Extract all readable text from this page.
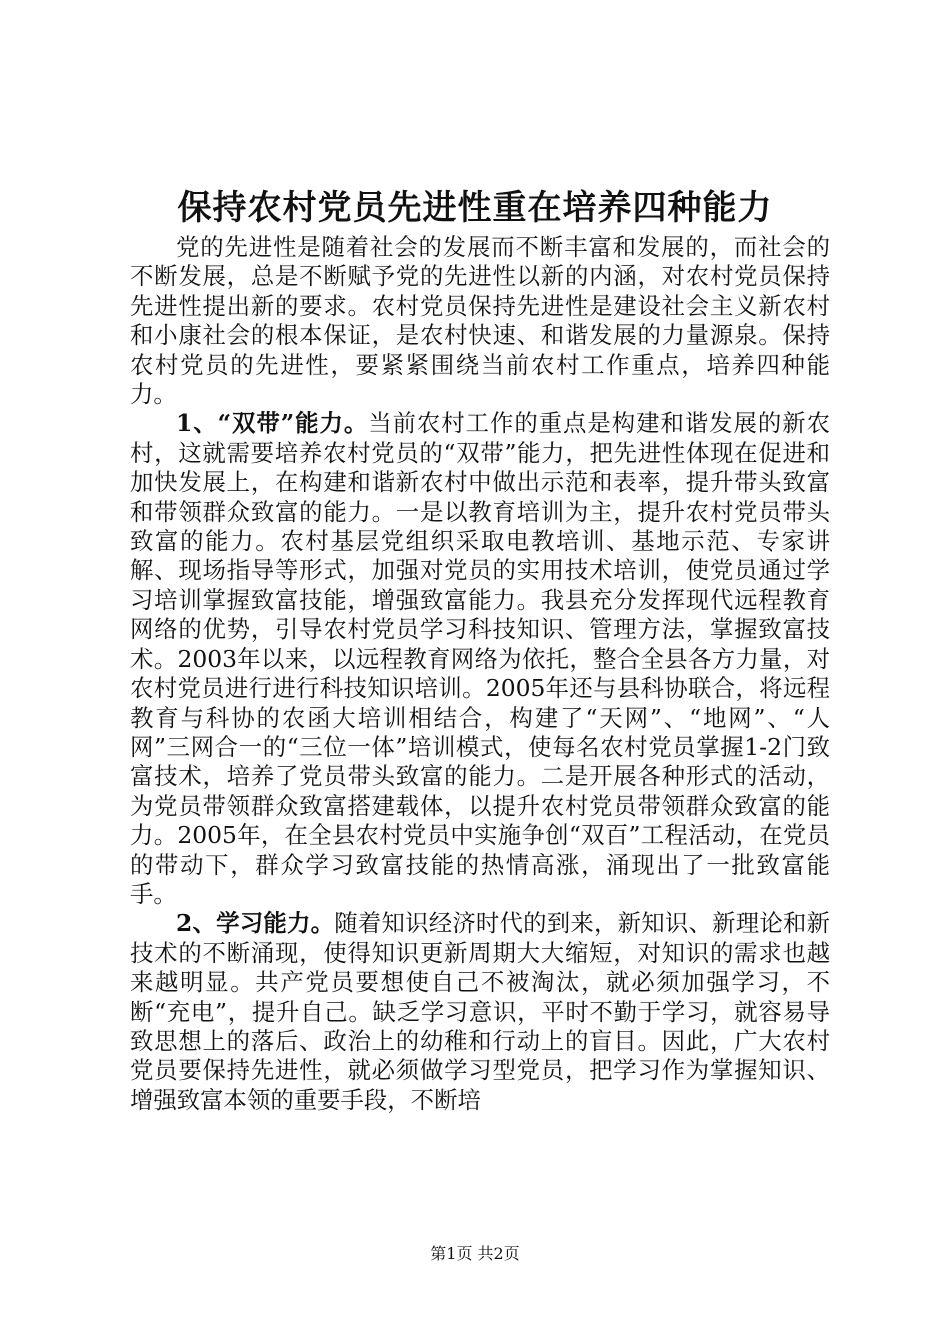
保持农村党员先进性重在培养四种能力

党的先进性是随着社会的发展而不断丰富和发展的，而社会的不断发展，总是不断赋予党的先进性以新的内涵，对农村党员保持先进性提出新的要求。农村党员保持先进性是建设社会主义新农村和小康社会的根本保证，是农村快速、和谐发展的力量源泉。保持农村党员的先进性，要紧紧围绕当前农村工作重点，培养四种能力。

1、“双带”能力。当前农村工作的重点是构建和谐发展的新农村，这就需要培养农村党员的“双带”能力，把先进性体现在促进和加快发展上，在构建和谐新农村中做出示范和表率，提升带头致富和带领群众致富的能力。一是以教育培训为主，提升农村党员带头致富的能力。农村基层党组织采取电教培训、基地示范、专家讲解、现场指导等形式，加强对党员的实用技术培训，使党员通过学习培训掌握致富技能，增强致富能力。我县充分发挥现代远程教育网络的优势，引导农村党员学习科技知识、管理方法，掌握致富技术。2003年以来，以远程教育网络为依托，整合全县各方力量，对农村党员进行进行科技知识培训。2005年还与县科协联合，将远程教育与科协的农函大培训相结合，构建了“天网”、“地网”、“人网”三网合一的“三位一体”培训模式，使每名农村党员掌握1-2门致富技术，培养了党员带头致富的能力。二是开展各种形式的活动，为党员带领群众致富搭建载体，以提升农村党员带领群众致富的能力。2005年，在全县农村党员中实施争创“双百”工程活动，在党员的带动下，群众学习致富技能的热情高涨，涌现出了一批致富能手。

2、学习能力。随着知识经济时代的到来，新知识、新理论和新技术的不断涌现，使得知识更新周期大大缩短，对知识的需求也越来越明显。共产党员要想使自己不被淘汰，就必须加强学习，不断“充电”，提升自己。缺乏学习意识，平时不勤于学习，就容易导致思想上的落后、政治上的幼稚和行动上的盲目。因此，广大农村党员要保持先进性，就必须做学习型党员，把学习作为掌握知识、增强致富本领的重要手段，不断培

第1页 共2页
